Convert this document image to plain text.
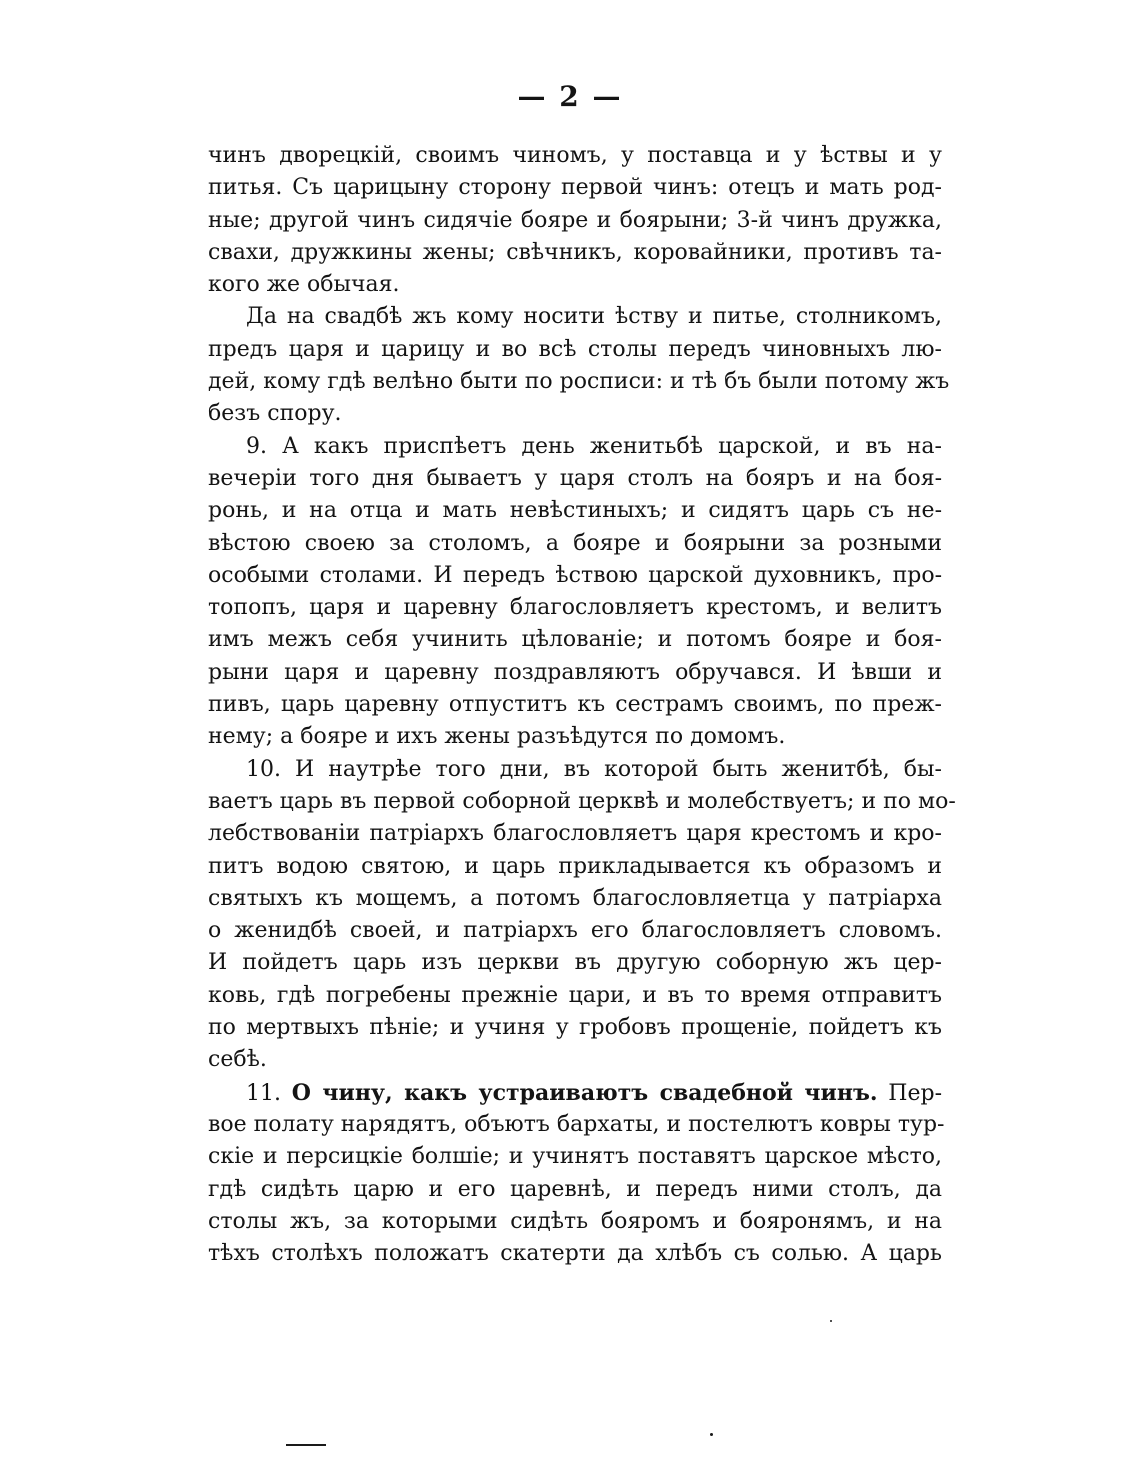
— 2 —
чинъ дворецкій, своимъ чиномъ, у поставца и у ѣствы и у
питья. Съ царицыну сторону первой чинъ: отецъ и мать род-
ные; другой чинъ сидячіе бояре и боярыни; 3-й чинъ дружка,
свахи, дружкины жены; свѣчникъ, коровайники, противъ та-
кого же обычая.
Да на свадбѣ жъ кому носити ѣству и питье, столникомъ,
предъ царя и царицу и во всѣ столы передъ чиновныхъ лю-
дей, кому гдѣ велѣно быти по росписи: и тѣ бъ были потому жъ
безъ спору.
9. А какъ приспѣетъ день женитьбѣ царской, и въ на-
вечеріи того дня бываетъ у царя столъ на бояръ и на боя-
ронь, и на отца и мать невѣстиныхъ; и сидятъ царь съ не-
вѣстою своею за столомъ, а бояре и боярыни за розными
особыми столами. И передъ ѣствою царской духовникъ, про-
топопъ, царя и царевну благословляетъ крестомъ, и велитъ
имъ межъ себя учинить цѣлованіе; и потомъ бояре и боя-
рыни царя и царевну поздравляютъ обручався. И ѣвши и
пивъ, царь царевну отпуститъ къ сестрамъ своимъ, по преж-
нему; а бояре и ихъ жены разъѣдутся по домомъ.
10. И наутрѣе того дни, въ которой быть женитбѣ, бы-
ваетъ царь въ первой соборной церквѣ и молебствуетъ; и по мо-
лебствованіи патріархъ благословляетъ царя крестомъ и кро-
питъ водою святою, и царь прикладывается къ образомъ и
святыхъ къ мощемъ, а потомъ благословляетца у патріарха
о женидбѣ своей, и патріархъ его благословляетъ словомъ.
И пойдетъ царь изъ церкви въ другую соборную жъ цер-
ковь, гдѣ погребены прежніе цари, и въ то время отправитъ
по мертвыхъ пѣніе; и учиня у гробовъ прощеніе, пойдетъ къ
себѣ.
11. О чину, какъ устраиваютъ свадебной чинъ. Пер-
вое полату нарядятъ, объютъ бархаты, и постелютъ ковры тур-
скіе и персицкіе болшіе; и учинятъ поставятъ царское мѣсто,
гдѣ сидѣть царю и его царевнѣ, и передъ ними столъ, да
столы жъ, за которыми сидѣть бояромъ и боярoнямъ, и на
тѣхъ столѣхъ положатъ скатерти да хлѣбъ съ солью. А царь
